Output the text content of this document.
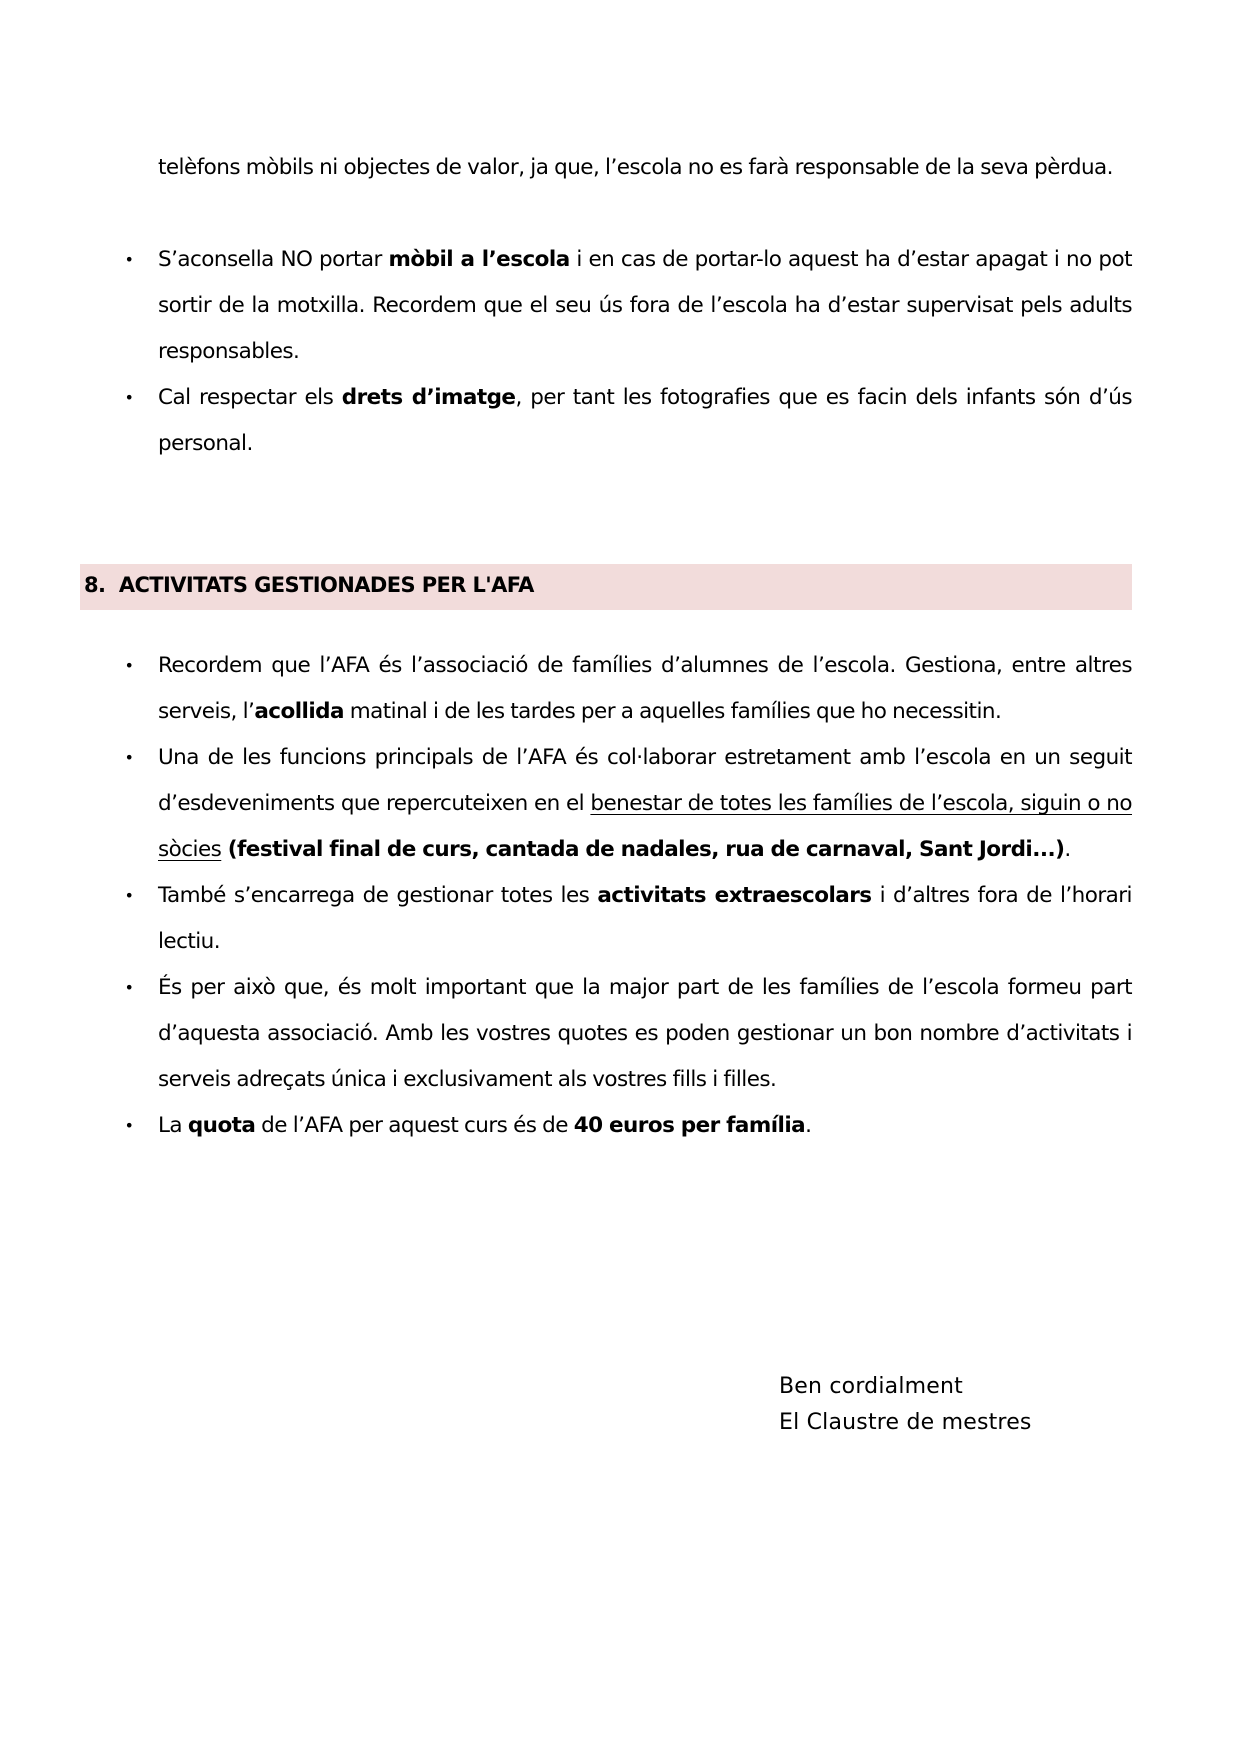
telèfons mòbils ni objectes de valor, ja que, l’escola no es farà responsable de la seva pèrdua.
• S’aconsella NO portar mòbil a l’escola i en cas de portar-lo aquest ha d’estar apagat i no pot sortir de la motxilla. Recordem que el seu ús fora de l’escola ha d’estar supervisat pels adults responsables.
• Cal respectar els drets d’imatge, per tant les fotografies que es facin dels infants són d’ús personal.
8. ACTIVITATS GESTIONADES PER L'AFA
• Recordem que l’AFA és l’associació de famílies d’alumnes de l’escola. Gestiona, entre altres serveis, l’acollida matinal i de les tardes per a aquelles famílies que ho necessitin.
• Una de les funcions principals de l’AFA és col·laborar estretament amb l’escola en un seguit d’esdeveniments que repercuteixen en el benestar de totes les famílies de l’escola, siguin o no sòcies (festival final de curs, cantada de nadales, rua de carnaval, Sant Jordi...).
• També s’encarrega de gestionar totes les activitats extraescolars i d’altres fora de l’horari lectiu.
• És per això que, és molt important que la major part de les famílies de l’escola formeu part d’aquesta associació. Amb les vostres quotes es poden gestionar un bon nombre d’activitats i serveis adreçats única i exclusivament als vostres fills i filles.
• La quota de l’AFA per aquest curs és de 40 euros per família.
Ben cordialment
El Claustre de mestres
